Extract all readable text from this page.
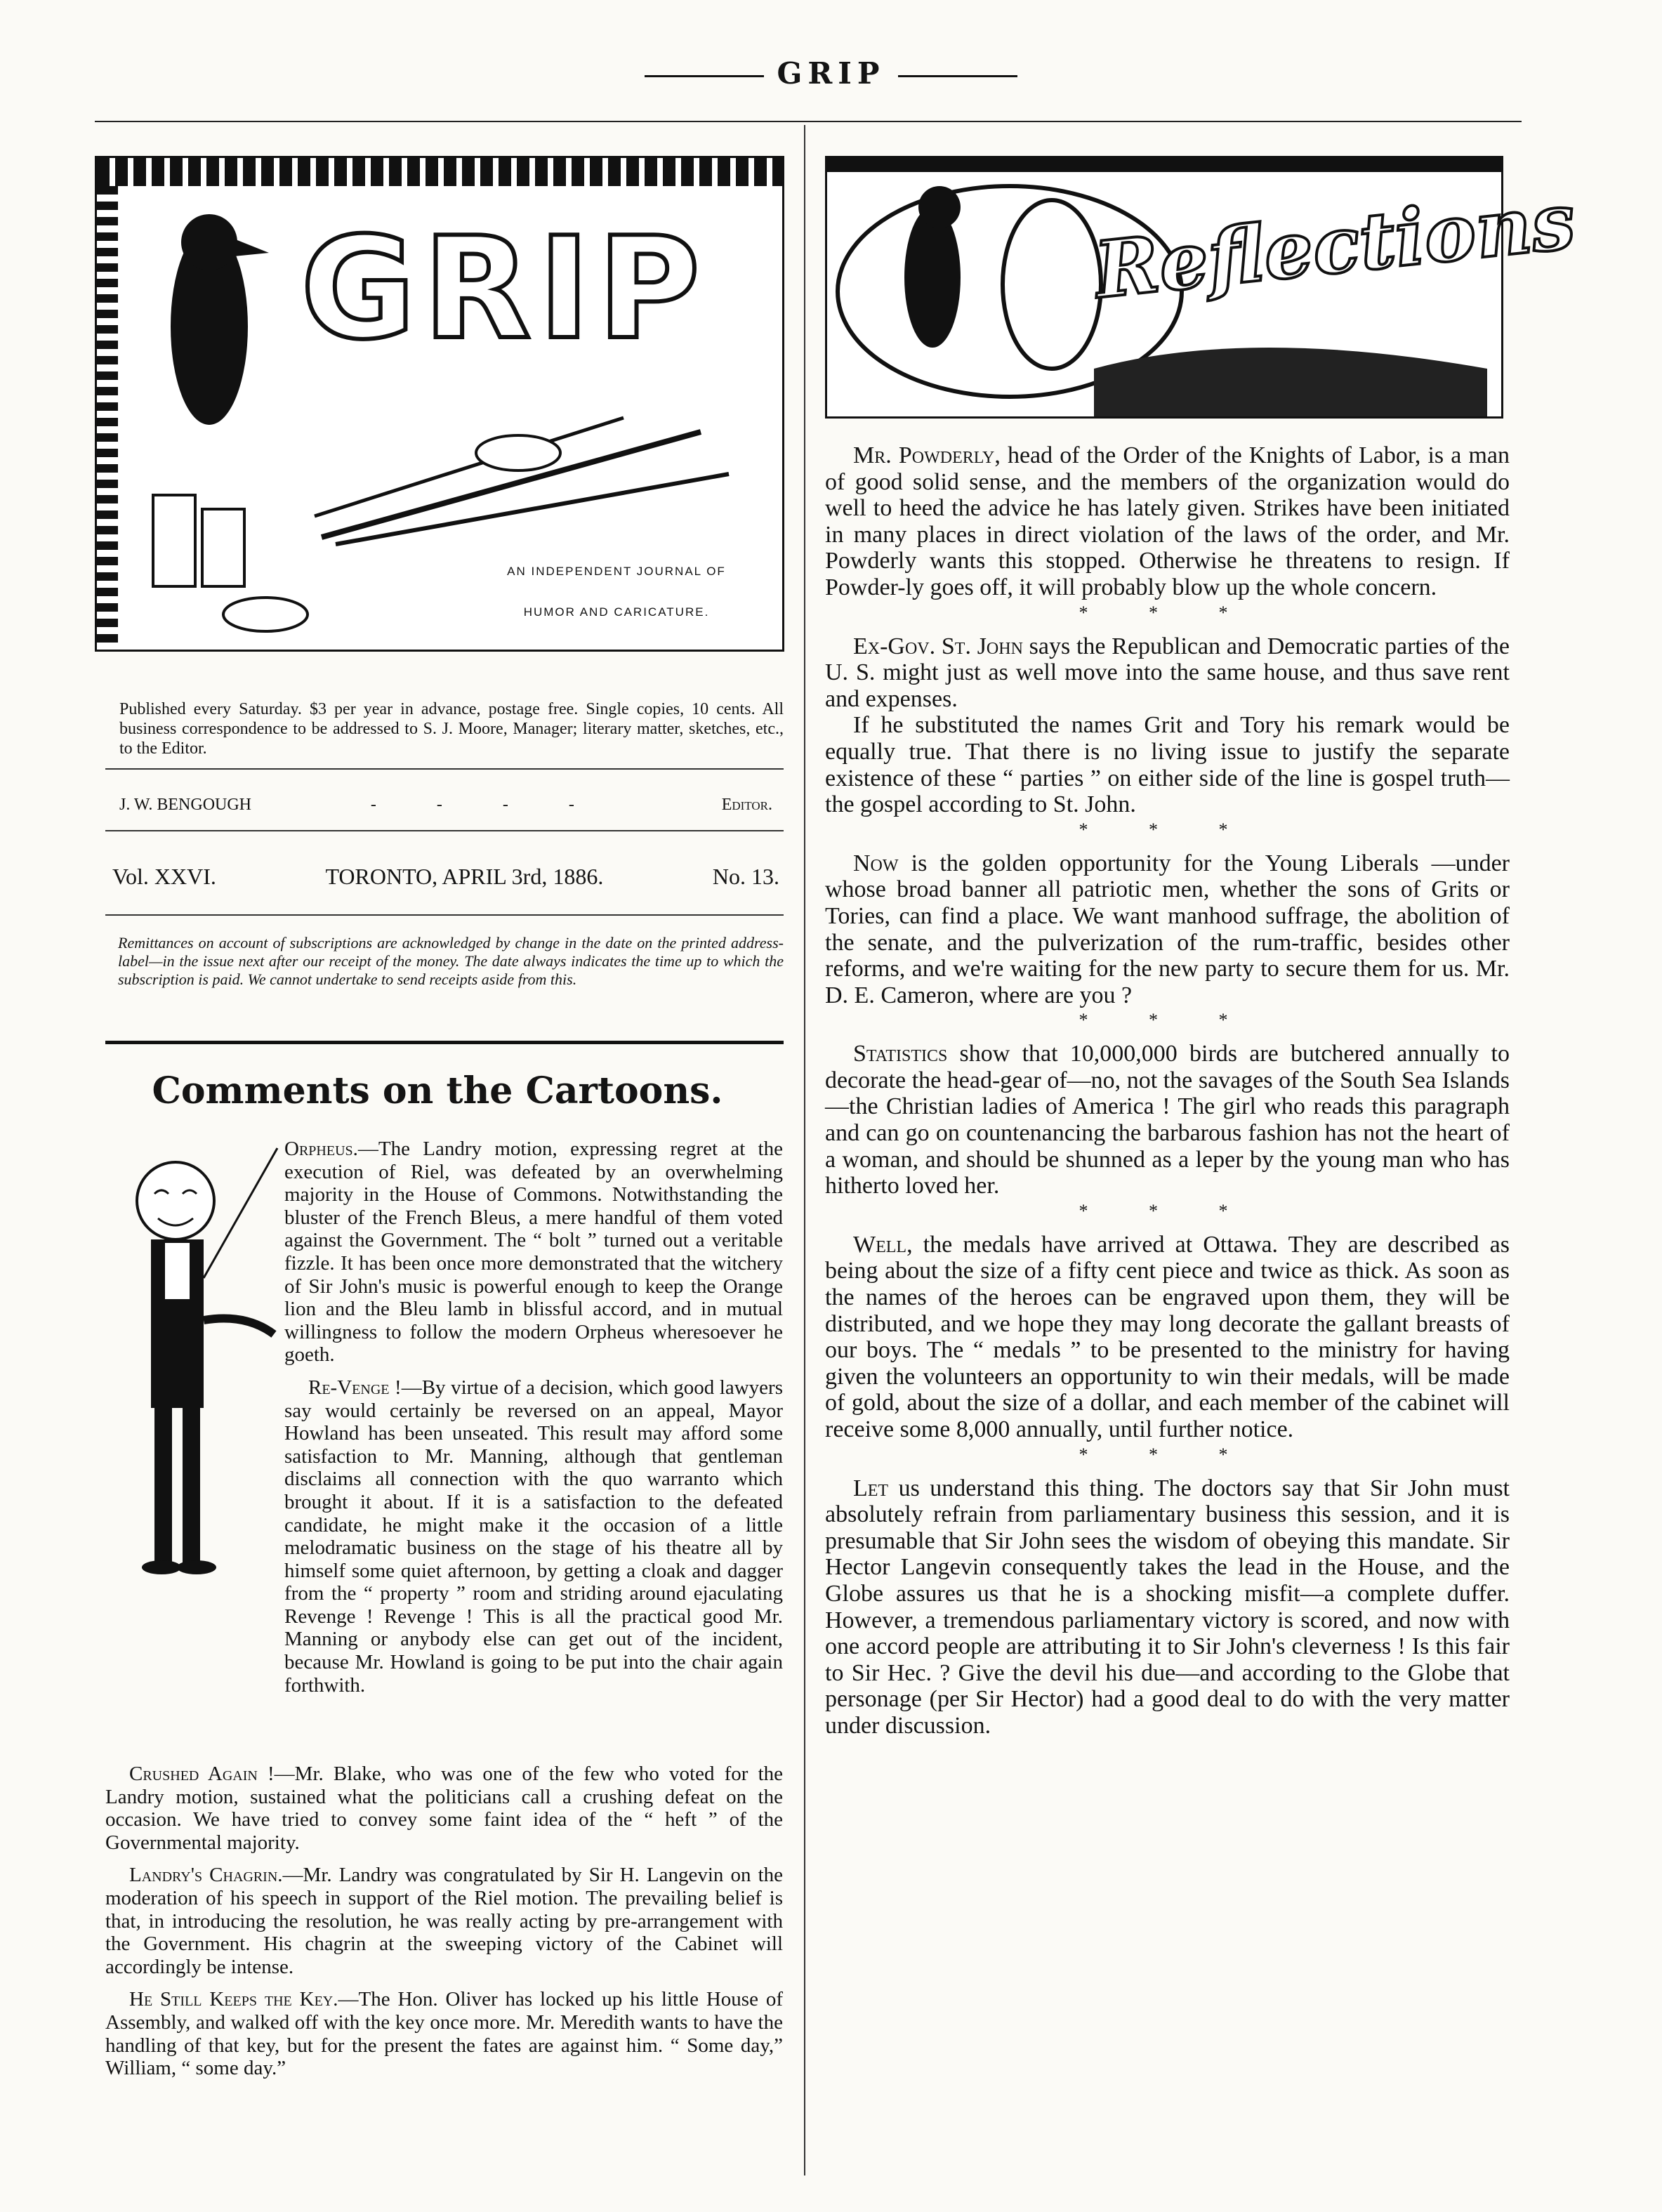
GRIP
GRIP
AN INDEPENDENT JOURNAL OF
HUMOR AND CARICATURE.
Reflections
Published every Saturday. $3 per year in advance, postage free. Single copies, 10 cents. All business correspondence to be addressed to S. J. Moore, Manager; literary matter, sketches, etc., to the Editor.
J. W. BENGOUGH	- - - -	Editor.
Vol. XXVI.	TORONTO, APRIL 3rd, 1886.	No. 13.
Remittances on account of subscriptions are acknowledged by change in the date on the printed address-label—in the issue next after our receipt of the money. The date always indicates the time up to which the subscription is paid. We cannot undertake to send receipts aside from this.
Comments on the Cartoons.

Orpheus.—The Landry motion, expressing regret at the execution of Riel, was defeated by an overwhelming majority in the House of Commons. Notwithstanding the bluster of the French Bleus, a mere handful of them voted against the Government. The “ bolt ” turned out a veritable fizzle. It has been once more demonstrated that the witchery of Sir John's music is powerful enough to keep the Orange lion and the Bleu lamb in blissful accord, and in mutual willingness to follow the modern Orpheus wheresoever he goeth.

Re-Venge !—By virtue of a decision, which good lawyers say would certainly be reversed on an appeal, Mayor Howland has been unseated. This result may afford some satisfaction to Mr. Manning, although that gentleman disclaims all connection with the quo warranto which brought it about. If it is a satisfaction to the defeated candidate, he might make it the occasion of a little melodramatic business on the stage of his theatre all by himself some quiet afternoon, by getting a cloak and dagger from the “ property ” room and striding around ejaculating Revenge ! Revenge ! This is all the practical good Mr. Manning or anybody else can get out of the incident, because Mr. Howland is going to be put into the chair again forthwith.

Crushed Again !—Mr. Blake, who was one of the few who voted for the Landry motion, sustained what the politicians call a crushing defeat on the occasion. We have tried to convey some faint idea of the “ heft ” of the Governmental majority.

Landry's Chagrin.—Mr. Landry was congratulated by Sir H. Langevin on the moderation of his speech in support of the Riel motion. The prevailing belief is that, in introducing the resolution, he was really acting by pre-arrangement with the Government. His chagrin at the sweeping victory of the Cabinet will accordingly be intense.

He Still Keeps the Key.—The Hon. Oliver has locked up his little House of Assembly, and walked off with the key once more. Mr. Meredith wants to have the handling of that key, but for the present the fates are against him. “ Some day,” William, “ some day.”

Mr. Powderly, head of the Order of the Knights of Labor, is a man of good solid sense, and the members of the organization would do well to heed the advice he has lately given. Strikes have been initiated in many places in direct violation of the laws of the order, and Mr. Powderly wants this stopped. Otherwise he threatens to resign. If Powder-ly goes off, it will probably blow up the whole concern.

* * *

Ex-Gov. St. John says the Republican and Democratic parties of the U. S. might just as well move into the same house, and thus save rent and expenses.

If he substituted the names Grit and Tory his remark would be equally true. That there is no living issue to justify the separate existence of these “ parties ” on either side of the line is gospel truth—the gospel according to St. John.

* * *

Now is the golden opportunity for the Young Liberals —under whose broad banner all patriotic men, whether the sons of Grits or Tories, can find a place. We want manhood suffrage, the abolition of the senate, and the pulverization of the rum-traffic, besides other reforms, and we're waiting for the new party to secure them for us. Mr. D. E. Cameron, where are you ?

* * *

Statistics show that 10,000,000 birds are butchered annually to decorate the head-gear of—no, not the savages of the South Sea Islands—the Christian ladies of America ! The girl who reads this paragraph and can go on countenancing the barbarous fashion has not the heart of a woman, and should be shunned as a leper by the young man who has hitherto loved her.

* * *

Well, the medals have arrived at Ottawa. They are described as being about the size of a fifty cent piece and twice as thick. As soon as the names of the heroes can be engraved upon them, they will be distributed, and we hope they may long decorate the gallant breasts of our boys. The “ medals ” to be presented to the ministry for having given the volunteers an opportunity to win their medals, will be made of gold, about the size of a dollar, and each member of the cabinet will receive some 8,000 annually, until further notice.

* * *

Let us understand this thing. The doctors say that Sir John must absolutely refrain from parliamentary business this session, and it is presumable that Sir John sees the wisdom of obeying this mandate. Sir Hector Langevin consequently takes the lead in the House, and the Globe assures us that he is a shocking misfit—a complete duffer. However, a tremendous parliamentary victory is scored, and now with one accord people are attributing it to Sir John's cleverness ! Is this fair to Sir Hec. ? Give the devil his due—and according to the Globe that personage (per Sir Hector) had a good deal to do with the very matter under discussion.
